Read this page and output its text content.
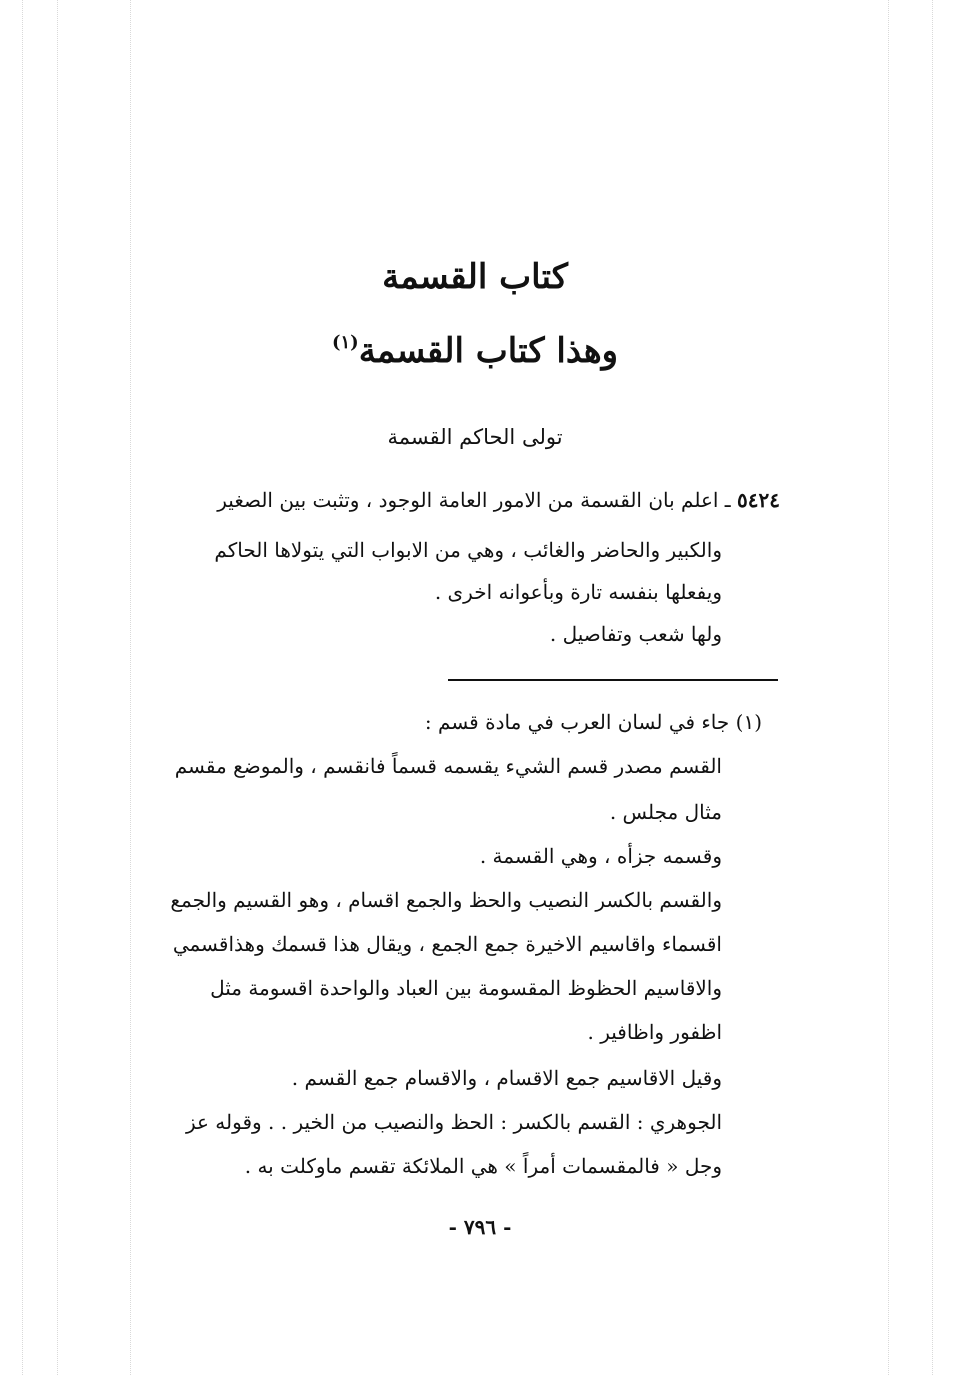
كتاب القسمة
وهذا كتاب القسمة$^{(١)}$
تولى الحاكم القسمة
٥٤٢٤ ـ اعلم بان القسمة من الامور العامة الوجود ، وتثبت بين الصغير
والكبير والحاضر والغائب ، وهي من الابواب التي يتولاها الحاكم
ويفعلها بنفسه تارة وبأعوانه اخرى .
ولها شعب وتفاصيل .
(١) جاء في لسان العرب في مادة قسم :
القسم مصدر قسم الشيء يقسمه قسماً فانقسم ، والموضع مقسم
مثال مجلس .
وقسمه جزأه ، وهي القسمة .
والقسم بالكسر النصيب والحظ والجمع اقسام ، وهو القسيم والجمع
اقسماء واقاسيم الاخيرة جمع الجمع ، ويقال هذا قسمك وهذاقسمي
والاقاسيم الحظوظ المقسومة بين العباد والواحدة اقسومة مثل
اظفور واظافير .
وقيل الاقاسيم جمع الاقسام ، والاقسام جمع القسم .
الجوهري : القسم بالكسر : الحظ والنصيب من الخير . . وقوله عز
وجل « فالمقسمات أمراً » هي الملائكة تقسم ماوكلت به .
- ٧٩٦ -
